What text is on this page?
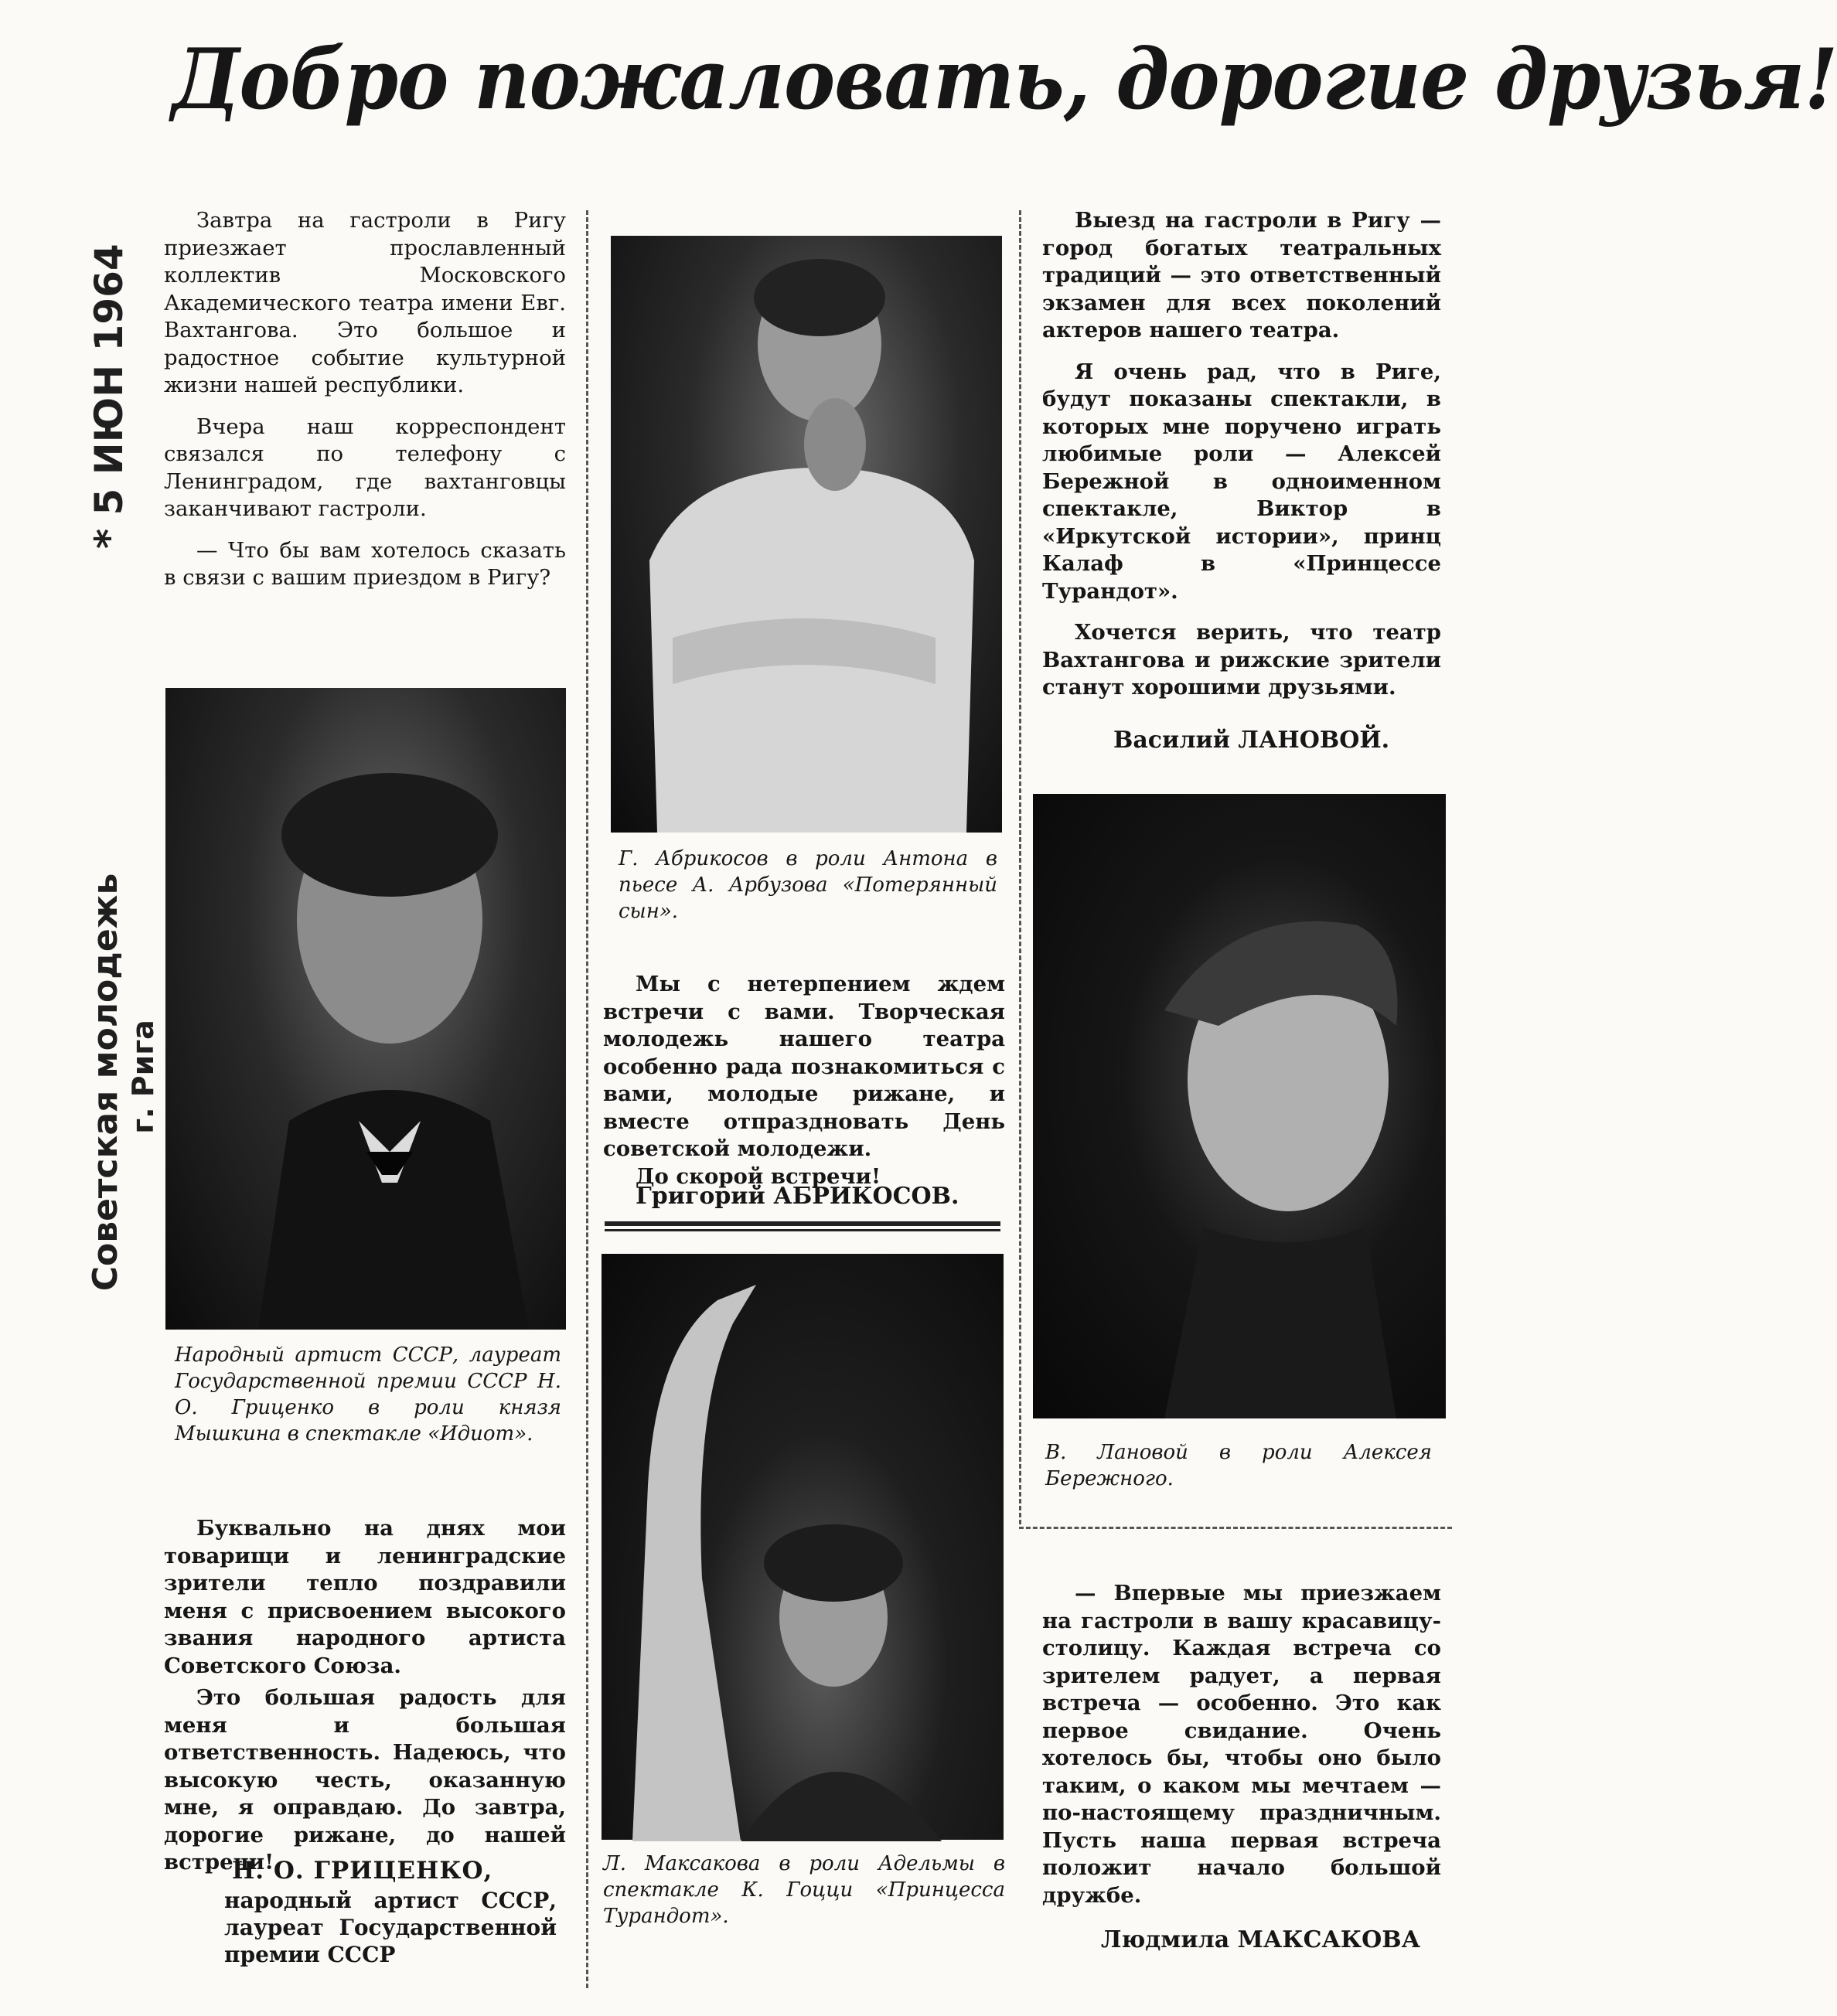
Добро пожаловать, дорогие друзья!
* 5 ИЮН 1964
Советская молодежь г. Рига

Завтра на гастроли в Ригу приезжает прославленный коллектив Московского Академического театра имени Евг. Вахтангова. Это большое и радостное событие культурной жизни нашей республики.

Вчера наш корреспондент связался по телефону с Ленинградом, где вахтанговцы заканчивают гастроли.

— Что бы вам хотелось сказать в связи с вашим приездом в Ригу?

Народный артист СССР, лауреат Государственной премии СССР Н. О. Гриценко в роли князя Мышкина в спектакле «Идиот».

Буквально на днях мои товарищи и ленинградские зрители тепло поздравили меня с присвоением высокого звания народного артиста Советского Союза.

Это большая радость для меня и большая ответственность. Надеюсь, что высокую честь, оказанную мне, я оправдаю. До завтра, дорогие рижане, до нашей встречи!

Н. О. ГРИЦЕНКО,
народный артист СССР, лауреат Государственной премии СССР
Г. Абрикосов в роли Антона в пьесе А. Арбузова «Потерянный сын».

Мы с нетерпением ждем встречи с вами. Творческая молодежь нашего театра особенно рада познакомиться с вами, молодые рижане, и вместе отпраздновать День советской молодежи.

До скорой встречи!

Григорий АБРИКОСОВ.
Л. Максакова в роли Адельмы в спектакле К. Гоцци «Принцесса Турандот».

Выезд на гастроли в Ригу — город богатых театральных традиций — это ответственный экзамен для всех поколений актеров нашего театра.

Я очень рад, что в Риге, будут показаны спектакли, в которых мне поручено играть любимые роли — Алексей Бережной в одноименном спектакле, Виктор в «Иркутской истории», принц Калаф в «Принцессе Турандот».

Хочется верить, что театр Вахтангова и рижские зрители станут хорошими друзьями.

Василий ЛАНОВОЙ.
В. Лановой в роли Алексея Бережного.

— Впервые мы приезжаем на гастроли в вашу красавицу-столицу. Каждая встреча со зрителем радует, а первая встреча — особенно. Это как первое свидание. Очень хотелось бы, чтобы оно было таким, о каком мы мечтаем — по-настоящему праздничным. Пусть наша первая встреча положит начало большой дружбе.

Людмила МАКСАКОВА
